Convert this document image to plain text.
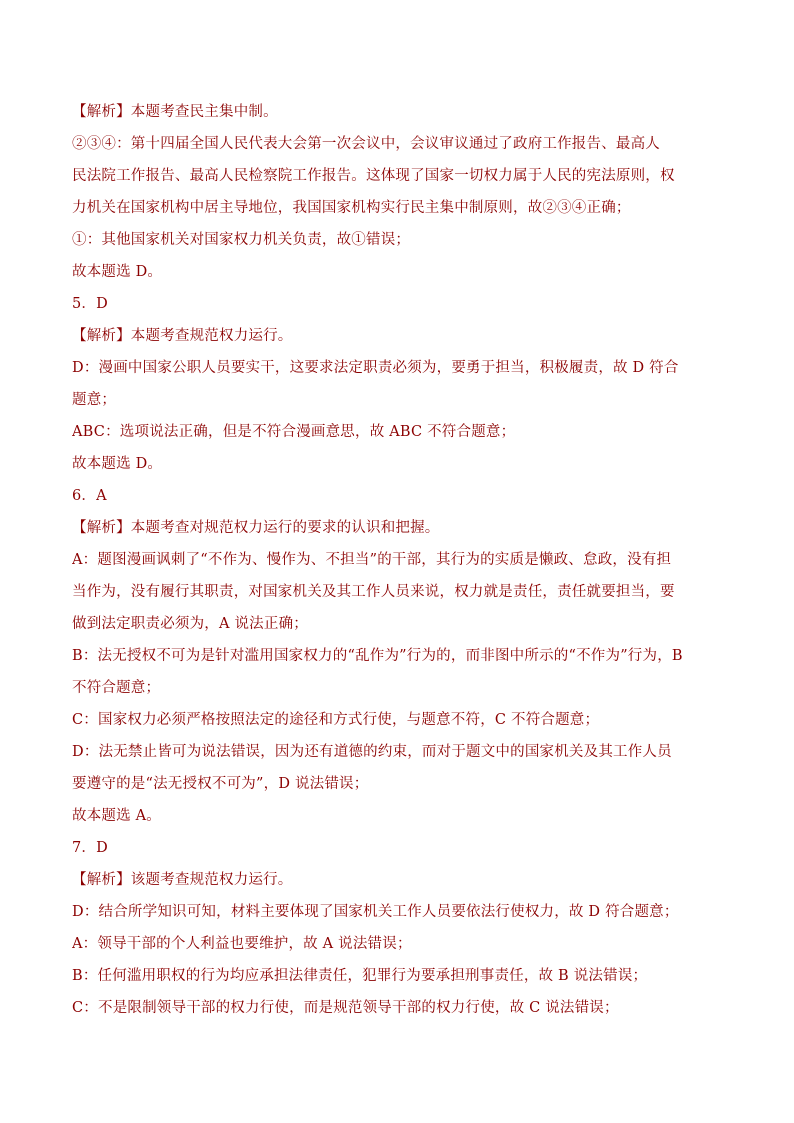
【解析】本题考查民主集中制。
②③④：第十四届全国人民代表大会第一次会议中，会议审议通过了政府工作报告、最高人
民法院工作报告、最高人民检察院工作报告。这体现了国家一切权力属于人民的宪法原则，权
力机关在国家机构中居主导地位，我国国家机构实行民主集中制原则，故②③④正确；
①：其他国家机关对国家权力机关负责，故①错误；
故本题选 D。
5．D
【解析】本题考查规范权力运行。
D：漫画中国家公职人员要实干，这要求法定职责必须为，要勇于担当，积极履责，故 D 符合
题意；
ABC：选项说法正确，但是不符合漫画意思，故 ABC 不符合题意；
故本题选 D。
6．A
【解析】本题考查对规范权力运行的要求的认识和把握。
A：题图漫画讽刺了“不作为、慢作为、不担当”的干部，其行为的实质是懒政、怠政，没有担
当作为，没有履行其职责，对国家机关及其工作人员来说，权力就是责任，责任就要担当，要
做到法定职责必须为，A 说法正确；
B：法无授权不可为是针对滥用国家权力的“乱作为”行为的，而非图中所示的“不作为”行为，B
不符合题意；
C：国家权力必须严格按照法定的途径和方式行使，与题意不符，C 不符合题意；
D：法无禁止皆可为说法错误，因为还有道德的约束，而对于题文中的国家机关及其工作人员
要遵守的是“法无授权不可为”，D 说法错误；
故本题选 A。
7．D
【解析】该题考查规范权力运行。
D：结合所学知识可知，材料主要体现了国家机关工作人员要依法行使权力，故 D 符合题意；
A：领导干部的个人利益也要维护，故 A 说法错误；
B：任何滥用职权的行为均应承担法律责任，犯罪行为要承担刑事责任，故 B 说法错误；
C：不是限制领导干部的权力行使，而是规范领导干部的权力行使，故 C 说法错误；
